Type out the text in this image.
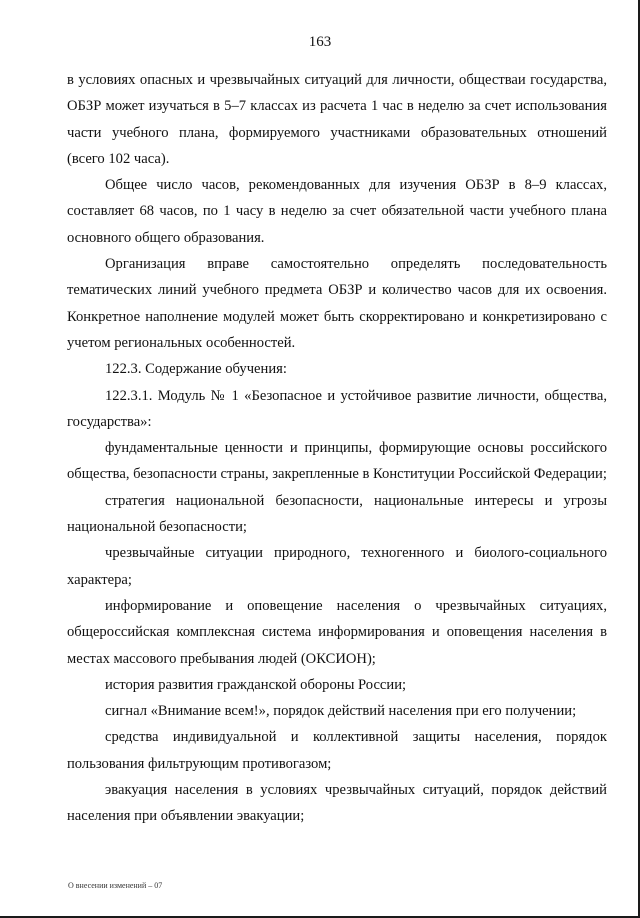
163

в условиях опасных и чрезвычайных ситуаций для личности, обществаи государства, ОБЗР может изучаться в 5–7 классах из расчета 1 час в неделю за счет использования части учебного плана, формируемого участниками образовательных отношений (всего 102 часа).

Общее число часов, рекомендованных для изучения ОБЗР в 8–9 классах, составляет 68 часов, по 1 часу в неделю за счет обязательной части учебного плана основного общего образования.

Организация вправе самостоятельно определять последовательность тематических линий учебного предмета ОБЗР и количество часов для их освоения. Конкретное наполнение модулей может быть скорректировано и конкретизировано с учетом региональных особенностей.

122.3. Содержание обучения:

122.3.1. Модуль № 1 «Безопасное и устойчивое развитие личности, общества, государства»:

фундаментальные ценности и принципы, формирующие основы российского общества, безопасности страны, закрепленные в Конституции Российской Федерации;

стратегия национальной безопасности, национальные интересы и угрозы национальной безопасности;

чрезвычайные ситуации природного, техногенного и биолого-социального характера;

информирование и оповещение населения о чрезвычайных ситуациях, общероссийская комплексная система информирования и оповещения населения в местах массового пребывания людей (ОКСИОН);

история развития гражданской обороны России;

сигнал «Внимание всем!», порядок действий населения при его получении;

средства индивидуальной и коллективной защиты населения, порядок пользования фильтрующим противогазом;

эвакуация населения в условиях чрезвычайных ситуаций, порядок действий населения при объявлении эвакуации;

О внесении изменений – 07
